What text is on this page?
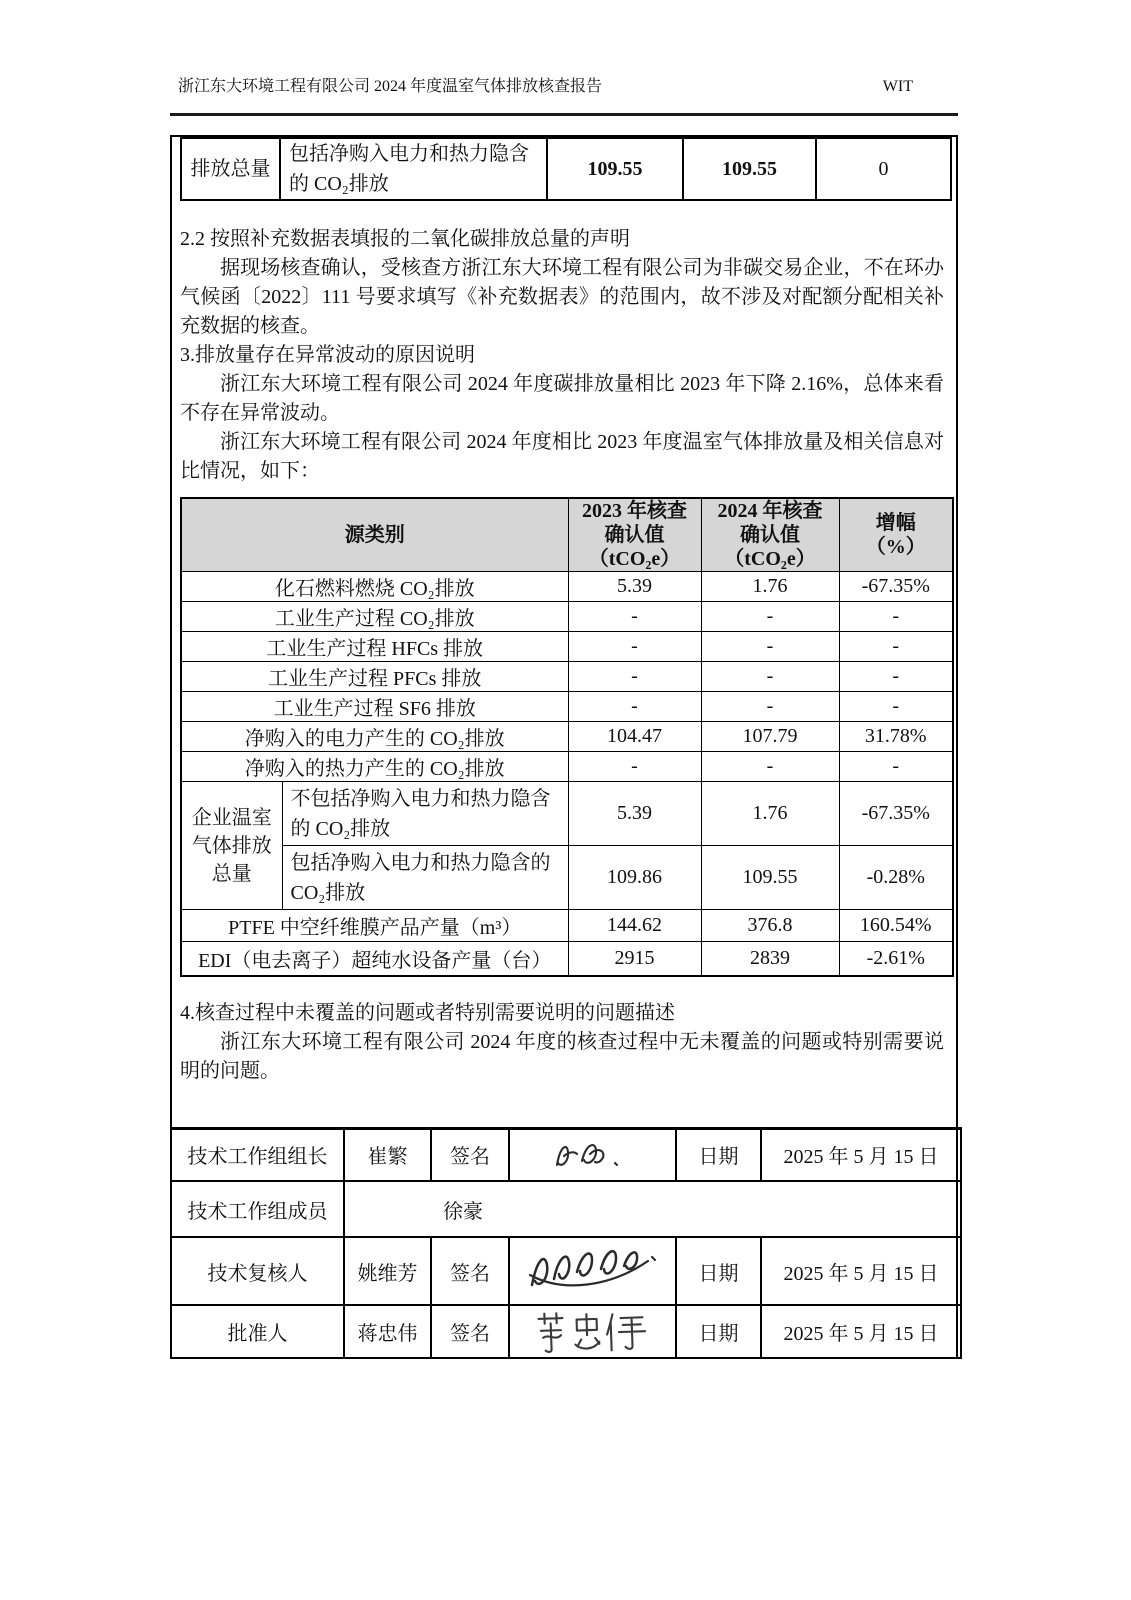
浙江东大环境工程有限公司 2024 年度温室气体排放核查报告	WIT
排放总量	包括净购入电力和热力隐含的 CO₂排放	109.55	109.55	0
2.2 按照补充数据表填报的二氧化碳排放总量的声明

据现场核查确认，受核查方浙江东大环境工程有限公司为非碳交易企业，不在环办气候函〔2022〕111 号要求填写《补充数据表》的范围内，故不涉及对配额分配相关补充数据的核查。

3.排放量存在异常波动的原因说明

浙江东大环境工程有限公司 2024 年度碳排放量相比 2023 年下降 2.16%，总体来看不存在异常波动。

浙江东大环境工程有限公司 2024 年度相比 2023 年度温室气体排放量及相关信息对比情况，如下：

源类别	
2023 年核查
确认值
（tCO₂e）

2024 年核查
确认值
（tCO₂e）

增幅
（%）

化石燃料燃烧 CO₂排放		5.39	1.76	-67.35%
工业生产过程 CO₂排放		-	-	-
工业生产过程 HFCs 排放		-	-	-
工业生产过程 PFCs 排放		-	-	-
工业生产过程 SF6 排放		-	-	-
净购入的电力产生的 CO₂排放		104.47	107.79	31.78%
净购入的热力产生的 CO₂排放		-	-	-
企业温室气体排放总量	不包括净购入电力和热力隐含的 CO₂排放	5.39	1.76	-67.35%
	包括净购入电力和热力隐含的 CO₂排放	109.86	109.55	-0.28%
PTFE 中空纤维膜产品产量（m³）		144.62	376.8	160.54%
EDI（电去离子）超纯水设备产量（台）		2915	2839	-2.61%
4.核查过程中未覆盖的问题或者特别需要说明的问题描述

浙江东大环境工程有限公司 2024 年度的核查过程中无未覆盖的问题或特别需要说明的问题。

技术工作组组长	崔繁	签名		日期	2025 年 5 月 15 日
技术工作组成员	徐豪				
技术复核人	姚维芳	签名		日期	2025 年 5 月 15 日
批准人	蒋忠伟	签名		日期	2025 年 5 月 15 日
